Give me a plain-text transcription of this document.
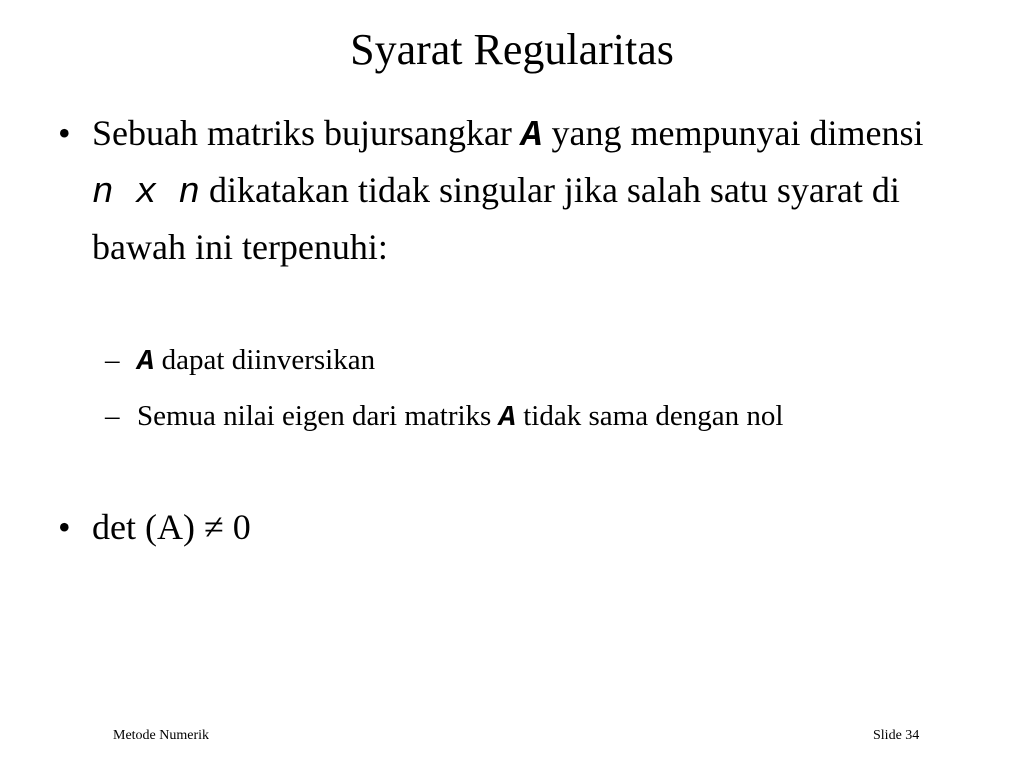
Syarat Regularitas
• Sebuah matriks bujursangkar A yang mempunyai dimensi n x n dikatakan tidak singular jika salah satu syarat di bawah ini terpenuhi:
– A dapat diinversikan
– Semua nilai eigen dari matriks A tidak sama dengan nol
• det (A) ≠ 0
Metode Numerik	Slide 34
